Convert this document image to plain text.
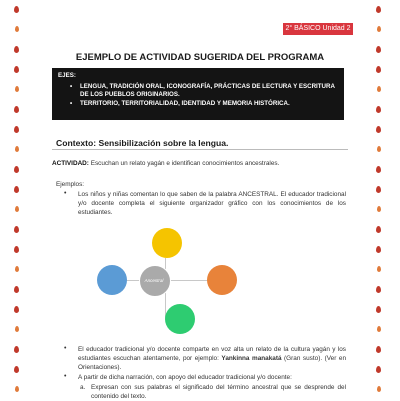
2° BÁSICO Unidad 2
EJEMPLO DE ACTIVIDAD SUGERIDA DEL PROGRAMA
EJES:
• LENGUA, TRADICIÓN ORAL, ICONOGRAFÍA, PRÁCTICAS DE LECTURA Y ESCRITURA DE LOS PUEBLOS ORIGINARIOS.
• TERRITORIO, TERRITORIALIDAD, IDENTIDAD Y MEMORIA HISTÓRICA.
Contexto: Sensibilización sobre la lengua.
ACTIVIDAD: Escuchan un relato yagán e identifican conocimientos ancestrales.
Ejemplos:
• Los niños y niñas comentan lo que saben de la palabra ANCESTRAL. El educador tradicional y/o docente completa el siguiente organizador gráfico con los conocimientos de los estudiantes.
Ancestral
• El educador tradicional y/o docente comparte en voz alta un relato de la cultura yagán y los estudiantes escuchan atentamente, por ejemplo: Yankinna manakatá (Gran susto). (Ver en Orientaciones).
• A partir de dicha narración, con apoyo del educador tradicional y/o docente:
a. Expresan con sus palabras el significado del término ancestral que se desprende del contenido del texto.
